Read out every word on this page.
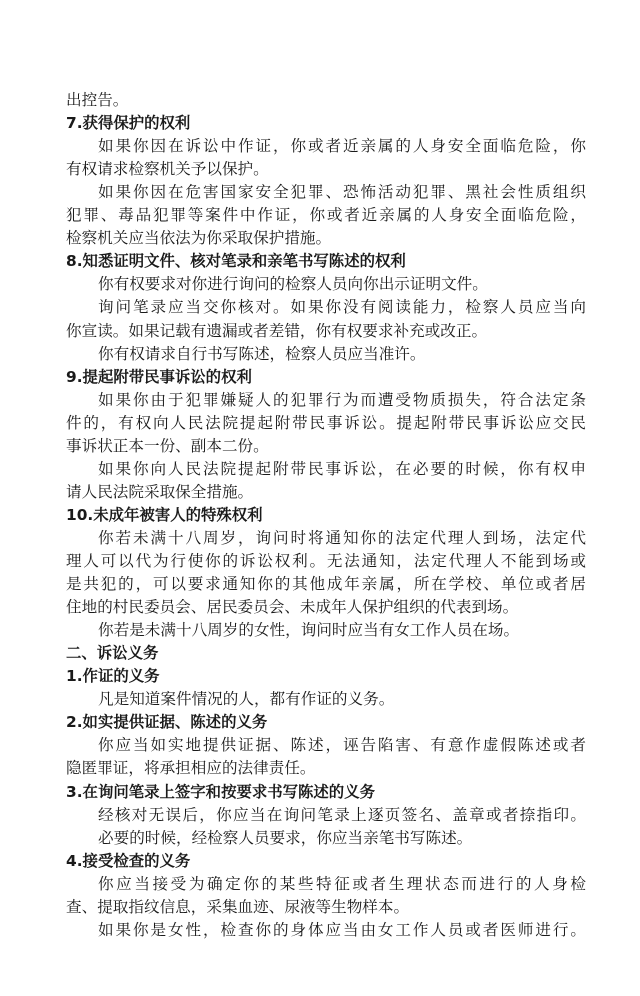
出控告。
7.获得保护的权利
如果你因在诉讼中作证，你或者近亲属的人身安全面临危险，你
有权请求检察机关予以保护。
如果你因在危害国家安全犯罪、恐怖活动犯罪、黑社会性质组织
犯罪、毒品犯罪等案件中作证，你或者近亲属的人身安全面临危险，
检察机关应当依法为你采取保护措施。
8.知悉证明文件、核对笔录和亲笔书写陈述的权利
你有权要求对你进行询问的检察人员向你出示证明文件。
询问笔录应当交你核对。如果你没有阅读能力，检察人员应当向
你宣读。如果记载有遗漏或者差错，你有权要求补充或改正。
你有权请求自行书写陈述，检察人员应当准许。
9.提起附带民事诉讼的权利
如果你由于犯罪嫌疑人的犯罪行为而遭受物质损失，符合法定条
件的，有权向人民法院提起附带民事诉讼。提起附带民事诉讼应交民
事诉状正本一份、副本二份。
如果你向人民法院提起附带民事诉讼，在必要的时候，你有权申
请人民法院采取保全措施。
10.未成年被害人的特殊权利
你若未满十八周岁，询问时将通知你的法定代理人到场，法定代
理人可以代为行使你的诉讼权利。无法通知，法定代理人不能到场或
是共犯的，可以要求通知你的其他成年亲属，所在学校、单位或者居
住地的村民委员会、居民委员会、未成年人保护组织的代表到场。
你若是未满十八周岁的女性，询问时应当有女工作人员在场。
二、诉讼义务
1.作证的义务
凡是知道案件情况的人，都有作证的义务。
2.如实提供证据、陈述的义务
你应当如实地提供证据、陈述，诬告陷害、有意作虚假陈述或者
隐匿罪证，将承担相应的法律责任。
3.在询问笔录上签字和按要求书写陈述的义务
经核对无误后，你应当在询问笔录上逐页签名、盖章或者捺指印。
必要的时候，经检察人员要求，你应当亲笔书写陈述。
4.接受检查的义务
你应当接受为确定你的某些特征或者生理状态而进行的人身检
查、提取指纹信息，采集血迹、尿液等生物样本。
如果你是女性，检查你的身体应当由女工作人员或者医师进行。
